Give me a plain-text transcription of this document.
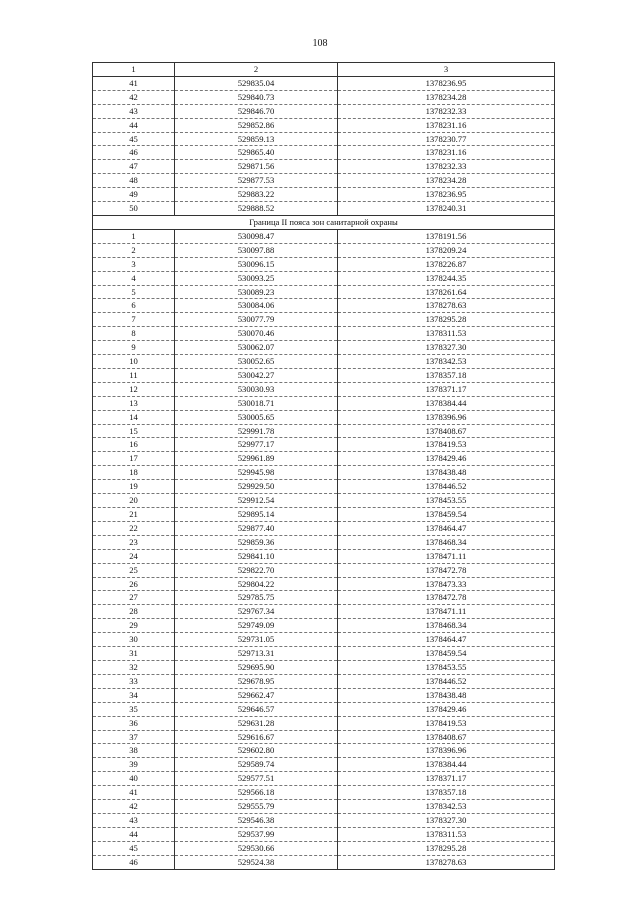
108
1	2	3
41	529835.04	1378236.95
42	529840.73	1378234.28
43	529846.70	1378232.33
44	529852.86	1378231.16
45	529859.13	1378230.77
46	529865.40	1378231.16
47	529871.56	1378232.33
48	529877.53	1378234.28
49	529883.22	1378236.95
50	529888.52	1378240.31
Граница II пояса зон санитарной охраны		
1	530098.47	1378191.56
2	530097.88	1378209.24
3	530096.15	1378226.87
4	530093.25	1378244.35
5	530089.23	1378261.64
6	530084.06	1378278.63
7	530077.79	1378295.28
8	530070.46	1378311.53
9	530062.07	1378327.30
10	530052.65	1378342.53
11	530042.27	1378357.18
12	530030.93	1378371.17
13	530018.71	1378384.44
14	530005.65	1378396.96
15	529991.78	1378408.67
16	529977.17	1378419.53
17	529961.89	1378429.46
18	529945.98	1378438.48
19	529929.50	1378446.52
20	529912.54	1378453.55
21	529895.14	1378459.54
22	529877.40	1378464.47
23	529859.36	1378468.34
24	529841.10	1378471.11
25	529822.70	1378472.78
26	529804.22	1378473.33
27	529785.75	1378472.78
28	529767.34	1378471.11
29	529749.09	1378468.34
30	529731.05	1378464.47
31	529713.31	1378459.54
32	529695.90	1378453.55
33	529678.95	1378446.52
34	529662.47	1378438.48
35	529646.57	1378429.46
36	529631.28	1378419.53
37	529616.67	1378408.67
38	529602.80	1378396.96
39	529589.74	1378384.44
40	529577.51	1378371.17
41	529566.18	1378357.18
42	529555.79	1378342.53
43	529546.38	1378327.30
44	529537.99	1378311.53
45	529530.66	1378295.28
46	529524.38	1378278.63
